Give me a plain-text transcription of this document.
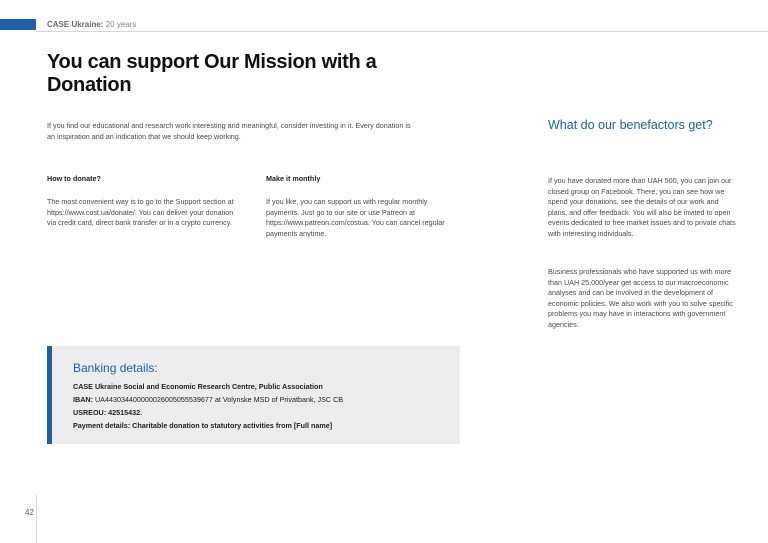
CASE Ukraine: 20 years
You can support Our Mission with a Donation
If you find our educational and research work interesting and meaningful, consider investing in it. Every donation is an inspiration and an indication that we should keep working.
How to donate?
The most convenient way is to go to the Support section at https://www.cost.ua/donate/. You can deliver your donation via credit card, direct bank transfer or in a crypto currency.
Make it monthly
If you like, you can support us with regular monthly payments. Just go to our site or use Patreon at https://www.patreon.com/costua. You can cancel regular payments anytime.
What do our benefactors get?
If you have donated more than UAH 500, you can join our closed group on Facebook. There, you can see how we spend your donations, see the details of our work and plans, and offer feedback. You will also be invited to open events dedicated to free market issues and to private chats with interesting individuals.
Business professionals who have supported us with more than UAH 25,000/year get access to our macroeconomic analyses and can be involved in the development of economic policies. We also work with you to solve specific problems you may have in interactions with government agencies.
Banking details:
CASE Ukraine Social and Economic Research Centre, Public Association
IBAN: UA443034400000026005055539677 at Volynske MSD of Privatbank, JSC CB
USREOU: 42515432.
Payment details: Charitable donation to statutory activities from [Full name]
42
